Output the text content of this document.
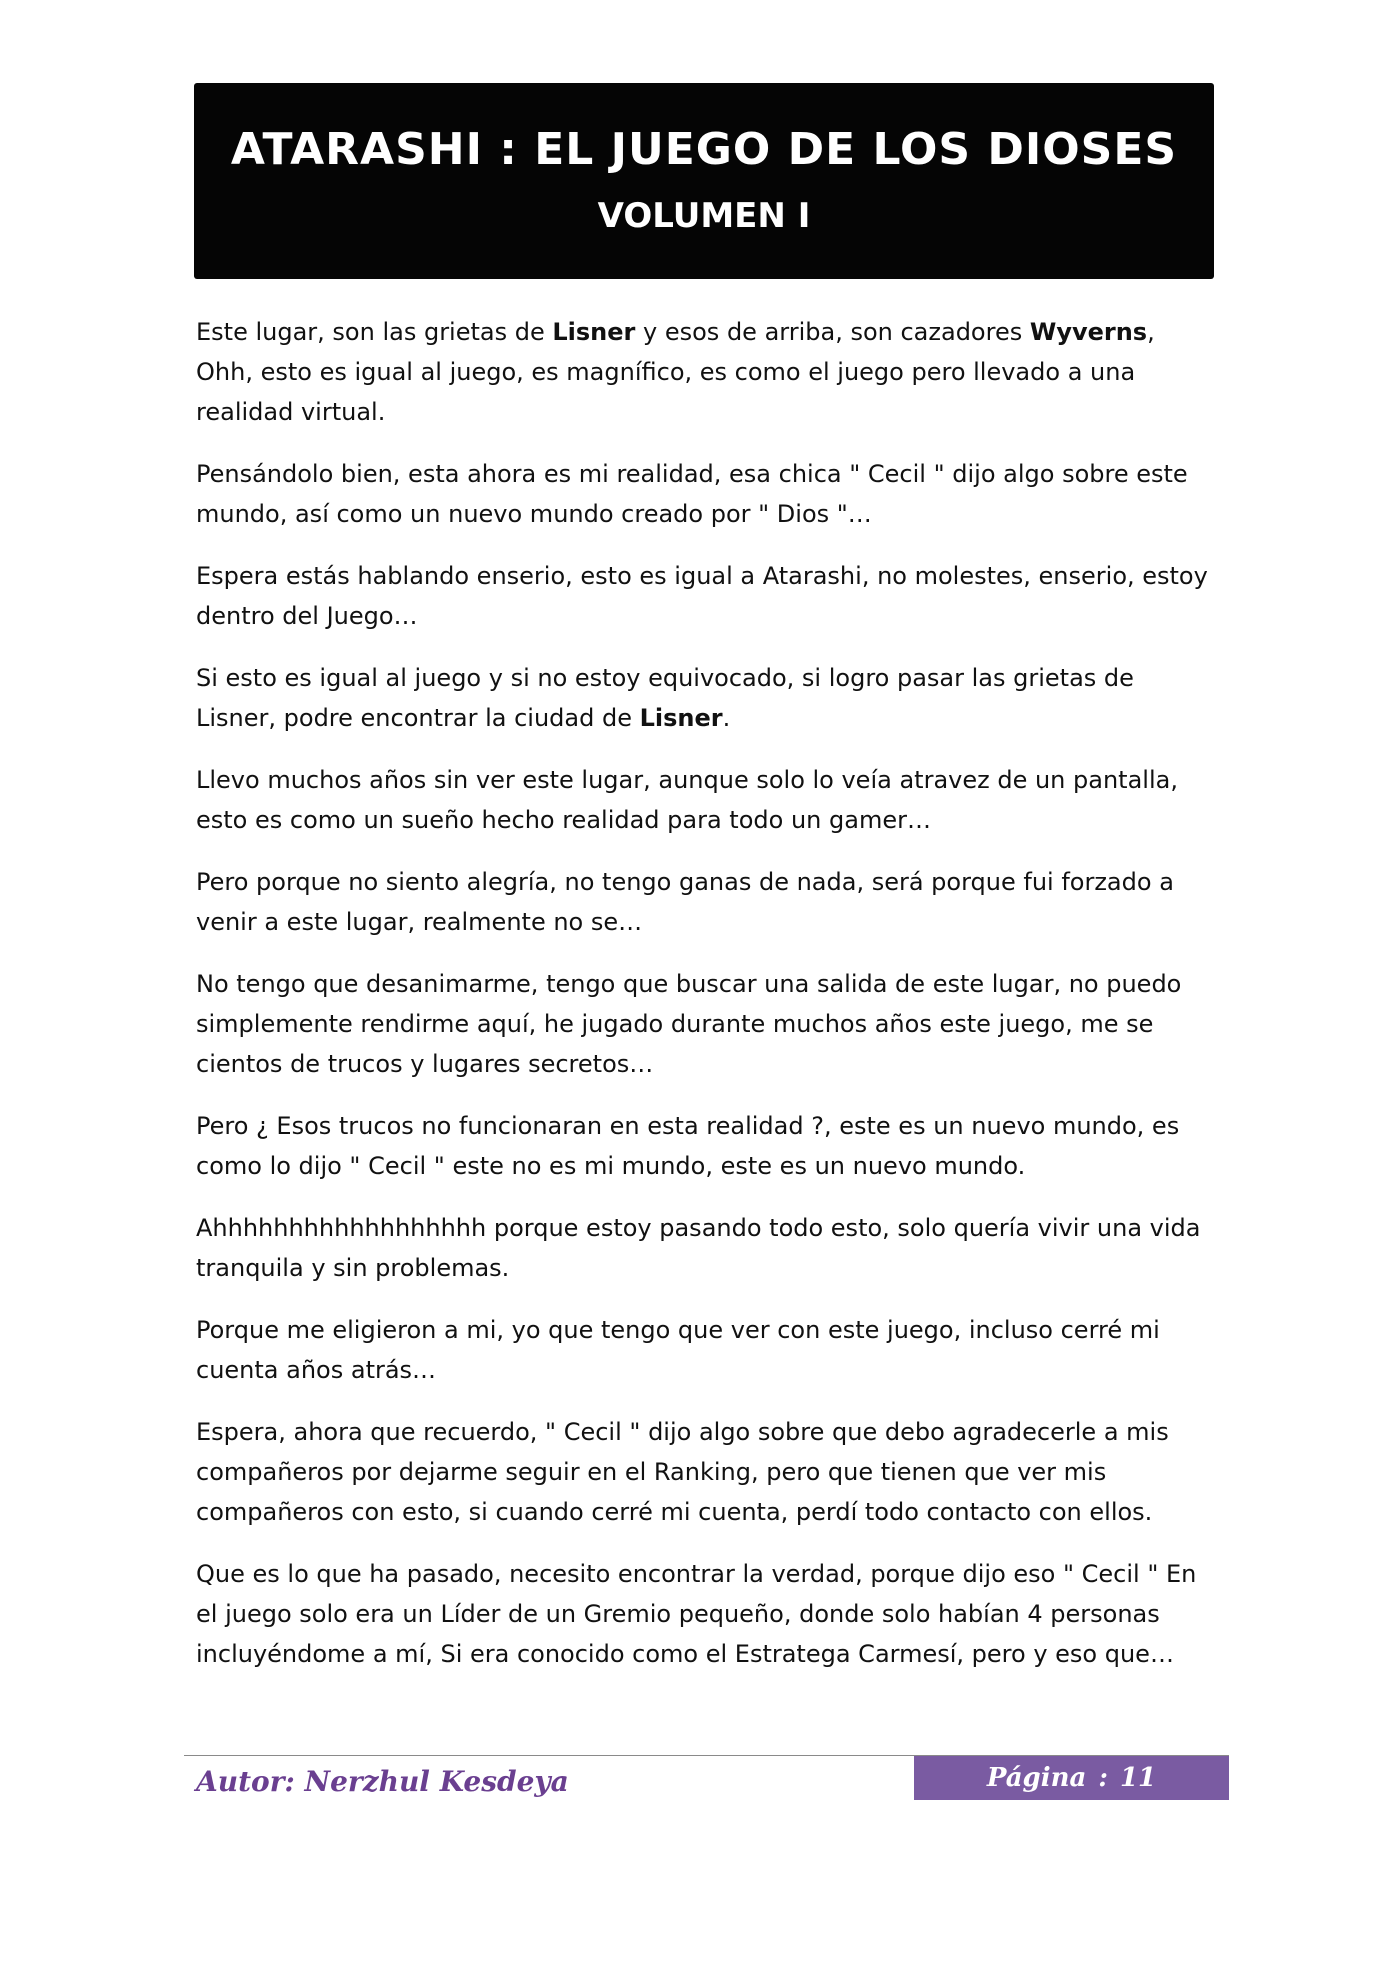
ATARASHI : EL JUEGO DE LOS DIOSES
VOLUMEN I

Este lugar, son las grietas de Lisner y esos de arriba, son cazadores Wyverns, Ohh, esto es igual al juego, es magnífico, es como el juego pero llevado a una realidad virtual.

Pensándolo bien, esta ahora es mi realidad, esa chica " Cecil " dijo algo sobre este mundo, así como un nuevo mundo creado por " Dios "…

Espera estás hablando enserio, esto es igual a Atarashi, no molestes, enserio, estoy dentro del Juego…

Si esto es igual al juego y si no estoy equivocado, si logro pasar las grietas de Lisner, podre encontrar la ciudad de Lisner.

Llevo muchos años sin ver este lugar, aunque solo lo veía atravez de un pantalla, esto es como un sueño hecho realidad para todo un gamer…

Pero porque no siento alegría, no tengo ganas de nada, será porque fui forzado a venir a este lugar, realmente no se…

No tengo que desanimarme, tengo que buscar una salida de este lugar, no puedo simplemente rendirme aquí, he jugado durante muchos años este juego, me se cientos de trucos y lugares secretos…

Pero ¿ Esos trucos no funcionaran en esta realidad ?, este es un nuevo mundo, es como lo dijo " Cecil " este no es mi mundo, este es un nuevo mundo.

Ahhhhhhhhhhhhhhhhhh porque estoy pasando todo esto, solo quería vivir una vida tranquila y sin problemas.

Porque me eligieron a mi, yo que tengo que ver con este juego, incluso cerré mi cuenta años atrás…

Espera, ahora que recuerdo, " Cecil " dijo algo sobre que debo agradecerle a mis compañeros por dejarme seguir en el Ranking, pero que tienen que ver mis compañeros con esto, si cuando cerré mi cuenta, perdí todo contacto con ellos.

Que es lo que ha pasado, necesito encontrar la verdad, porque dijo eso " Cecil " En el juego solo era un Líder de un Gremio pequeño, donde solo habían 4 personas incluyéndome a mí, Si era conocido como el Estratega Carmesí, pero y eso que…

Autor: Nerzhul Kesdeya	Página : 11
